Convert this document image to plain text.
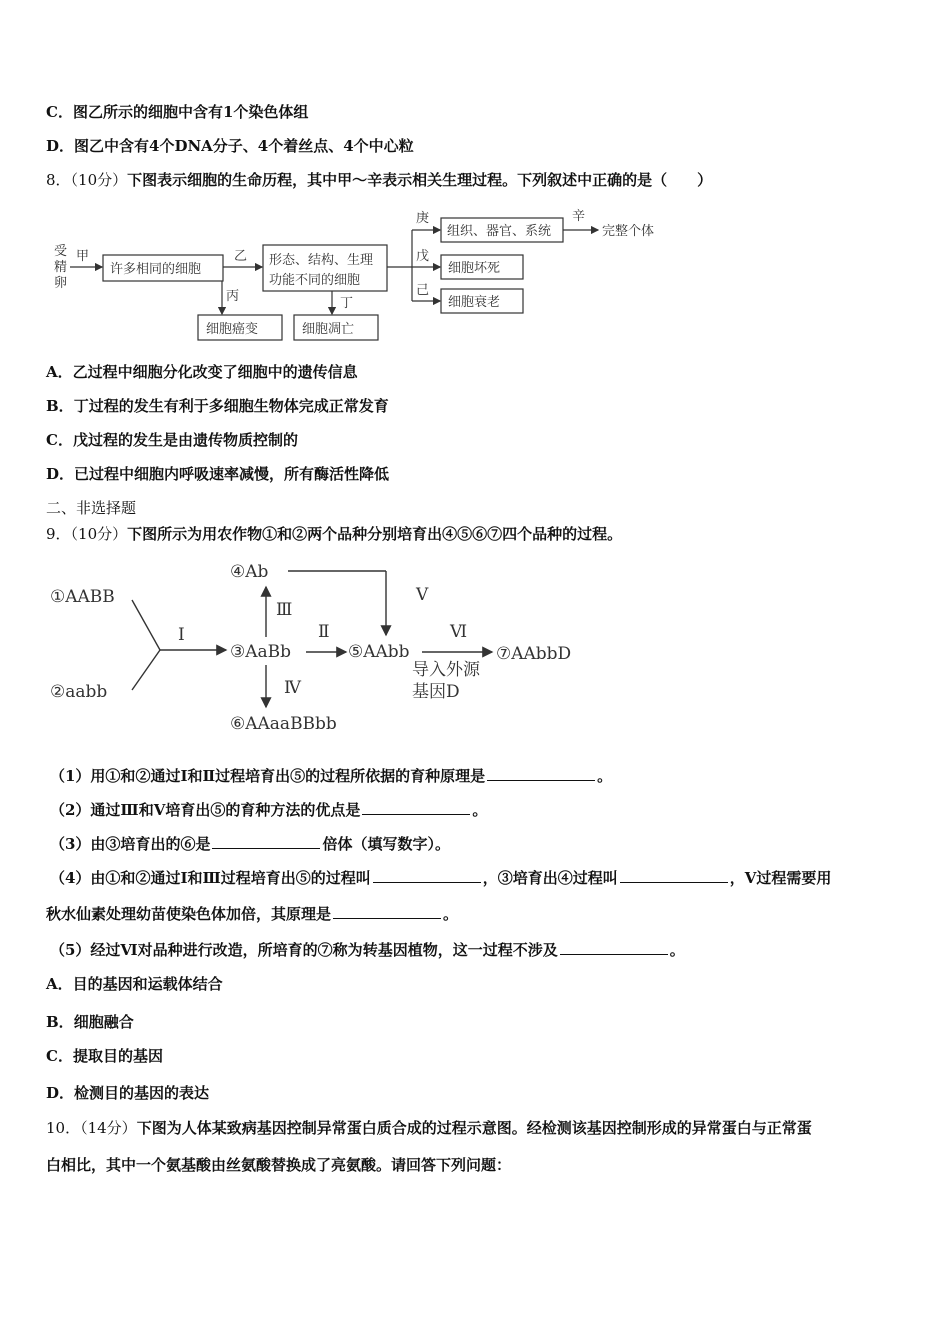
C．图乙所示的细胞中含有1个染色体组
D．图乙中含有4个DNA分子、4个着丝点、4个中心粒
8．（10分）下图表示细胞的生命历程，其中甲～辛表示相关生理过程。下列叙述中正确的是（　　）
受
精
卵
甲
许多相同的细胞
乙
丙
形态、结构、生理
功能不同的细胞
丁
庚
戊
己
组织、器官、系统
辛
完整个体
细胞坏死
细胞衰老
细胞癌变	细胞凋亡
A．乙过程中细胞分化改变了细胞中的遗传信息
B．丁过程的发生有利于多细胞生物体完成正常发育
C．戊过程的发生是由遗传物质控制的
D．已过程中细胞内呼吸速率减慢，所有酶活性降低
二、非选择题
9．（10分）下图所示为用农作物①和②两个品种分别培育出④⑤⑥⑦四个品种的过程。
①AABB
②aabb
Ⅰ
③AaBb
Ⅲ
④Ab
Ⅴ
Ⅱ
⑤AAbb
Ⅵ
⑦AAbbD
导入外源
基因D
Ⅳ
⑥AAaaBBbb
（1）用①和②通过Ⅰ和Ⅱ过程培育出⑤的过程所依据的育种原理是	。
（2）通过Ⅲ和Ⅴ培育出⑤的育种方法的优点是	。
（3）由③培育出的⑥是	倍体（填写数字）。
（4）由①和②通过Ⅰ和Ⅲ过程培育出⑤的过程叫	，③培育出④过程叫	，Ⅴ过程需要用
秋水仙素处理幼苗使染色体加倍，其原理是	。
（5）经过Ⅵ对品种进行改造，所培育的⑦称为转基因植物，这一过程不涉及	。
A．目的基因和运载体结合
B．细胞融合
C．提取目的基因
D．检测目的基因的表达
10．（14分）下图为人体某致病基因控制异常蛋白质合成的过程示意图。经检测该基因控制形成的异常蛋白与正常蛋
白相比，其中一个氨基酸由丝氨酸替换成了亮氨酸。请回答下列问题：
